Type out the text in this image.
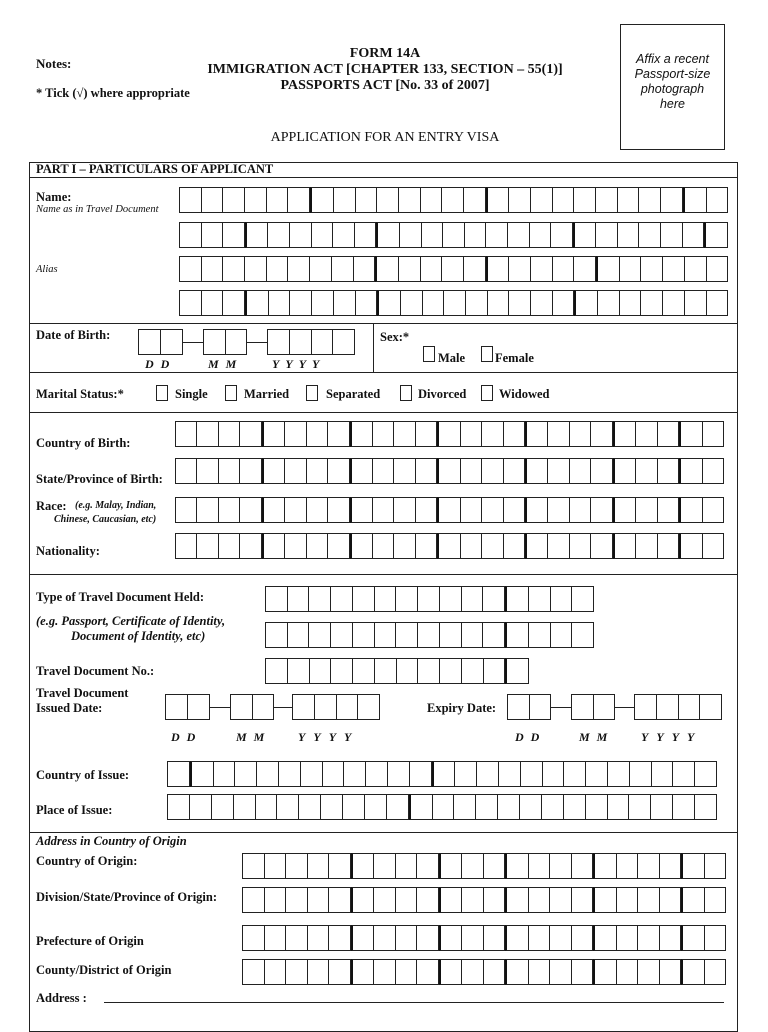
Notes:
* Tick (√) where appropriate
FORM 14A
IMMIGRATION ACT [CHAPTER 133, SECTION – 55(1)]
PASSPORTS ACT [No. 33 of 2007]
APPLICATION FOR AN ENTRY VISA
Affix a recent Passport-size photograph here
PART I – PARTICULARS OF APPLICANT
Name:
Name as in Travel Document
Alias
Date of Birth:
D D	M M	YYYY
Sex:*
Male Female
Marital Status:*	Single	Married	Separated	Divorced	Widowed
Country of Birth:
State/Province of Birth:
Race: (e.g. Malay, Indian,
Chinese, Caucasian, etc)
Nationality:
Type of Travel Document Held:
(e.g. Passport, Certificate of Identity,
Document of Identity, etc)
Travel Document No.:
Travel Document
Issued Date:
D D	M M	YYYY
Expiry Date:
D D	M M	YYYY
Country of Issue:
Place of Issue:
Address in Country of Origin
Country of Origin:
Division/State/Province of Origin:
Prefecture of Origin
County/District of Origin
Address :
